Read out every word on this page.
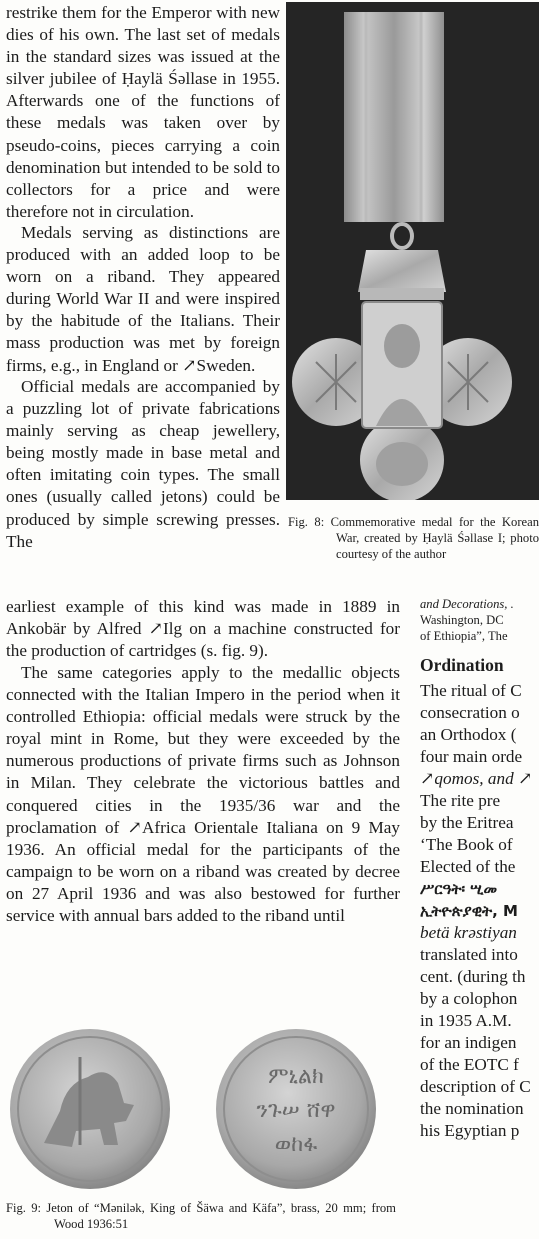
restrike them for the Emperor with new dies of his own. The last set of medals in the standard sizes was issued at the silver jubilee of Ḥaylä Śəllase in 1955. Afterwards one of the functions of these medals was taken over by pseudo-coins, pieces carrying a coin denomination but intended to be sold to collectors for a price and were therefore not in circulation.

Medals serving as distinctions are produced with an added loop to be worn on a riband. They appeared during World War II and were inspired by the habitude of the Italians. Their mass production was met by foreign firms, e.g., in England or ↗Sweden.

Official medals are accompanied by a puzzling lot of private fabrications mainly serving as cheap jewellery, being mostly made in base metal and often imitating coin types. The small ones (usually called jetons) could be produced by simple screwing presses. The

earliest example of this kind was made in 1889 in Ankobär by Alfred ↗Ilg on a machine constructed for the production of cartridges (s. fig. 9).

The same categories apply to the medallic objects connected with the Italian Impero in the period when it controlled Ethiopia: official medals were struck by the royal mint in Rome, but they were exceeded by the numerous productions of private firms such as Johnson in Milan. They celebrate the victorious battles and conquered cities in the 1935/36 war and the proclamation of ↗Africa Orientale Italiana on 9 May 1936. An official medal for the participants of the campaign to be worn on a riband was created by decree on 27 April 1936 and was also bestowed for further service with annual bars added to the riband until

Fig. 8: Commemorative medal for the Korean War, created by Ḥaylä Śəllase I; photo courtesy of the author
ምኒልክ
ንጉሠ ሸዋ
ወከፋ
Fig. 9: Jeton of “Mənilək, King of Šäwa and Käfa”, brass, 20 mm; from Wood 1936:51

and Decorations, .

Washington, DC

of Ethiopia”, The

Ordination

The ritual of C

consecration o

an Orthodox (

four main orde

↗qomos, and ↗

The rite pre

by the Eritrea

‘The Book of

Elected of the

ሥርዓት፡ ሢመ

ኢትዮጵያዊት, M

betä krəstiyan

translated into

cent. (during th

by a colophon

in 1935 A.M.

for an indigen

of the EOTC f

description of C

the nomination

his Egyptian p
